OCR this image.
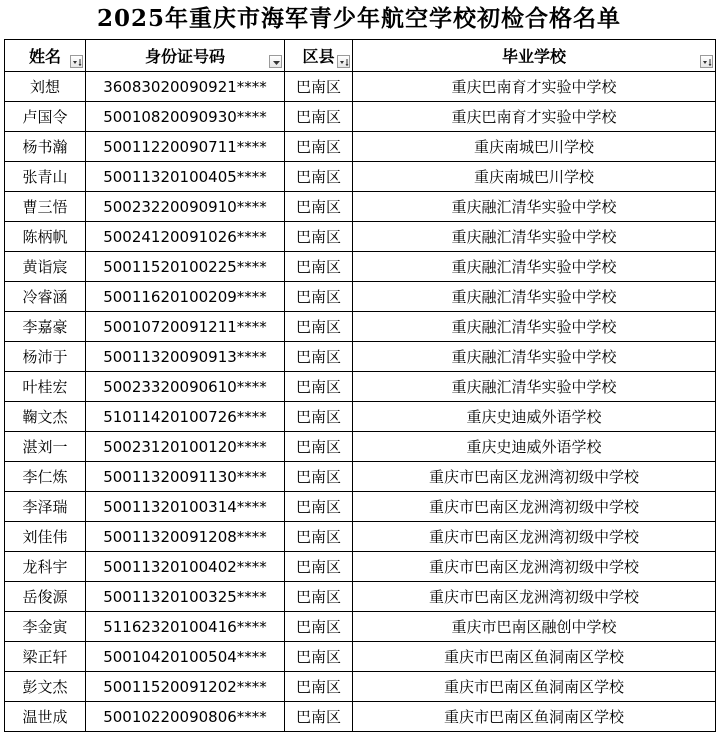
2025年重庆市海军青少年航空学校初检合格名单
姓名	身份证号码	区县	毕业学校

刘想	36083020090921****	巴南区	重庆巴南育才实验中学校
卢国令	50010820090930****	巴南区	重庆巴南育才实验中学校
杨书瀚	50011220090711****	巴南区	重庆南城巴川学校
张青山	50011320100405****	巴南区	重庆南城巴川学校
曹三悟	50023220090910****	巴南区	重庆融汇清华实验中学校
陈柄帆	50024120091026****	巴南区	重庆融汇清华实验中学校
黄诣宸	50011520100225****	巴南区	重庆融汇清华实验中学校
冷睿涵	50011620100209****	巴南区	重庆融汇清华实验中学校
李嘉豪	50010720091211****	巴南区	重庆融汇清华实验中学校
杨沛于	50011320090913****	巴南区	重庆融汇清华实验中学校
叶桂宏	50023320090610****	巴南区	重庆融汇清华实验中学校
鞠文杰	51011420100726****	巴南区	重庆史迪威外语学校
湛刘一	50023120100120****	巴南区	重庆史迪威外语学校
李仁炼	50011320091130****	巴南区	重庆市巴南区龙洲湾初级中学校
李泽瑞	50011320100314****	巴南区	重庆市巴南区龙洲湾初级中学校
刘佳伟	50011320091208****	巴南区	重庆市巴南区龙洲湾初级中学校
龙科宇	50011320100402****	巴南区	重庆市巴南区龙洲湾初级中学校
岳俊源	50011320100325****	巴南区	重庆市巴南区龙洲湾初级中学校
李金寅	51162320100416****	巴南区	重庆市巴南区融创中学校
梁正轩	50010420100504****	巴南区	重庆市巴南区鱼洞南区学校
彭文杰	50011520091202****	巴南区	重庆市巴南区鱼洞南区学校
温世成	50010220090806****	巴南区	重庆市巴南区鱼洞南区学校
